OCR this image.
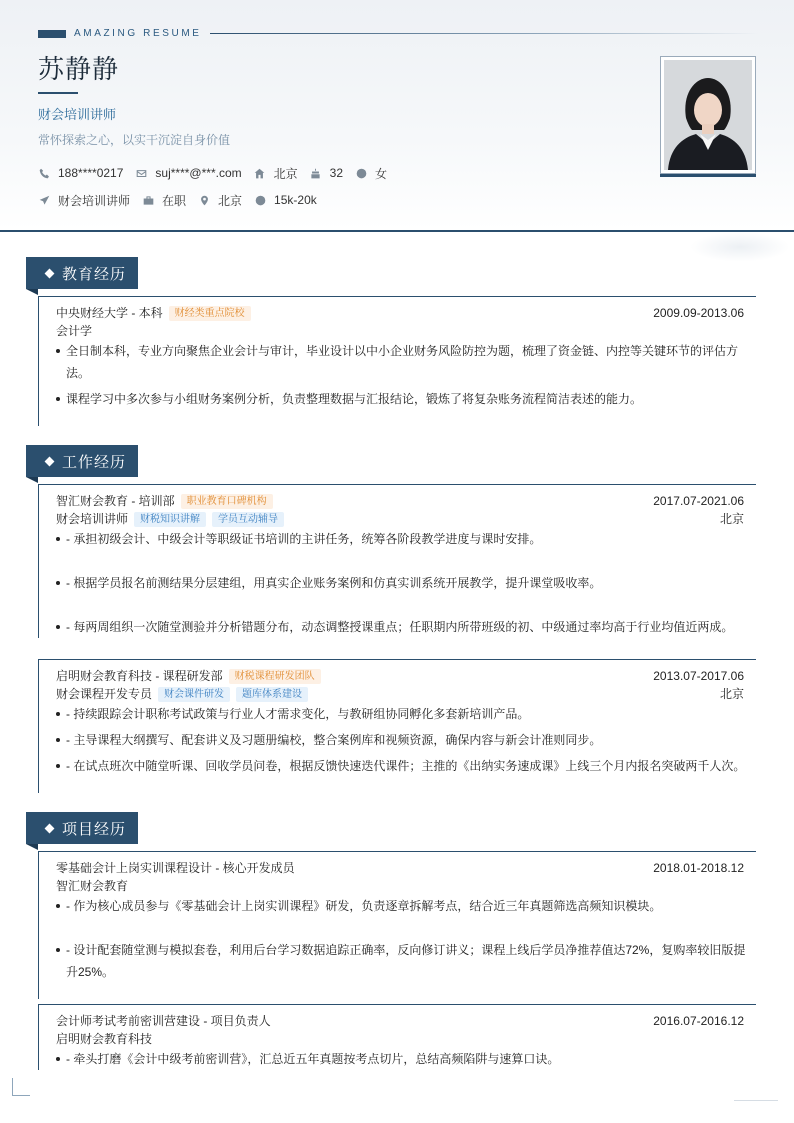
AMAZING RESUME
苏静静
财会培训讲师
常怀探索之心，以实干沉淀自身价值
188****0217	suj****@***.com	北京	32	女
财会培训讲师	在职	北京	15k-20k
教育经历
中央财经大学 - 本科	财经类重点院校	2009.09-2013.06
会计学
全日制本科，专业方向聚焦企业会计与审计，毕业设计以中小企业财务风险防控为题，梳理了资金链、内控等关键环节的评估方
法。
课程学习中多次参与小组财务案例分析，负责整理数据与汇报结论，锻炼了将复杂账务流程简洁表述的能力。
工作经历
智汇财会教育 - 培训部	职业教育口碑机构	2017.07-2021.06
财会培训讲师	财税知识讲解	学员互动辅导	北京
- 承担初级会计、中级会计等职级证书培训的主讲任务，统筹各阶段教学进度与课时安排。
- 根据学员报名前测结果分层建组，用真实企业账务案例和仿真实训系统开展教学，提升课堂吸收率。
- 每两周组织一次随堂测验并分析错题分布，动态调整授课重点；任职期内所带班级的初、中级通过率均高于行业均值近两成。
启明财会教育科技 - 课程研发部	财税课程研发团队	2013.07-2017.06
财会课程开发专员	财会课件研发	题库体系建设	北京
- 持续跟踪会计职称考试政策与行业人才需求变化，与教研组协同孵化多套新培训产品。
- 主导课程大纲撰写、配套讲义及习题册编校，整合案例库和视频资源，确保内容与新会计准则同步。
- 在试点班次中随堂听课、回收学员问卷，根据反馈快速迭代课件；主推的《出纳实务速成课》上线三个月内报名突破两千人次。
项目经历
零基础会计上岗实训课程设计 - 核心开发成员	2018.01-2018.12
智汇财会教育
- 作为核心成员参与《零基础会计上岗实训课程》研发，负责逐章拆解考点，结合近三年真题筛选高频知识模块。
- 设计配套随堂测与模拟套卷，利用后台学习数据追踪正确率，反向修订讲义；课程上线后学员净推荐值达72%，复购率较旧版提
升25%。
会计师考试考前密训营建设 - 项目负责人	2016.07-2016.12
启明财会教育科技
- 牵头打磨《会计中级考前密训营》，汇总近五年真题按考点切片，总结高频陷阱与速算口诀。
